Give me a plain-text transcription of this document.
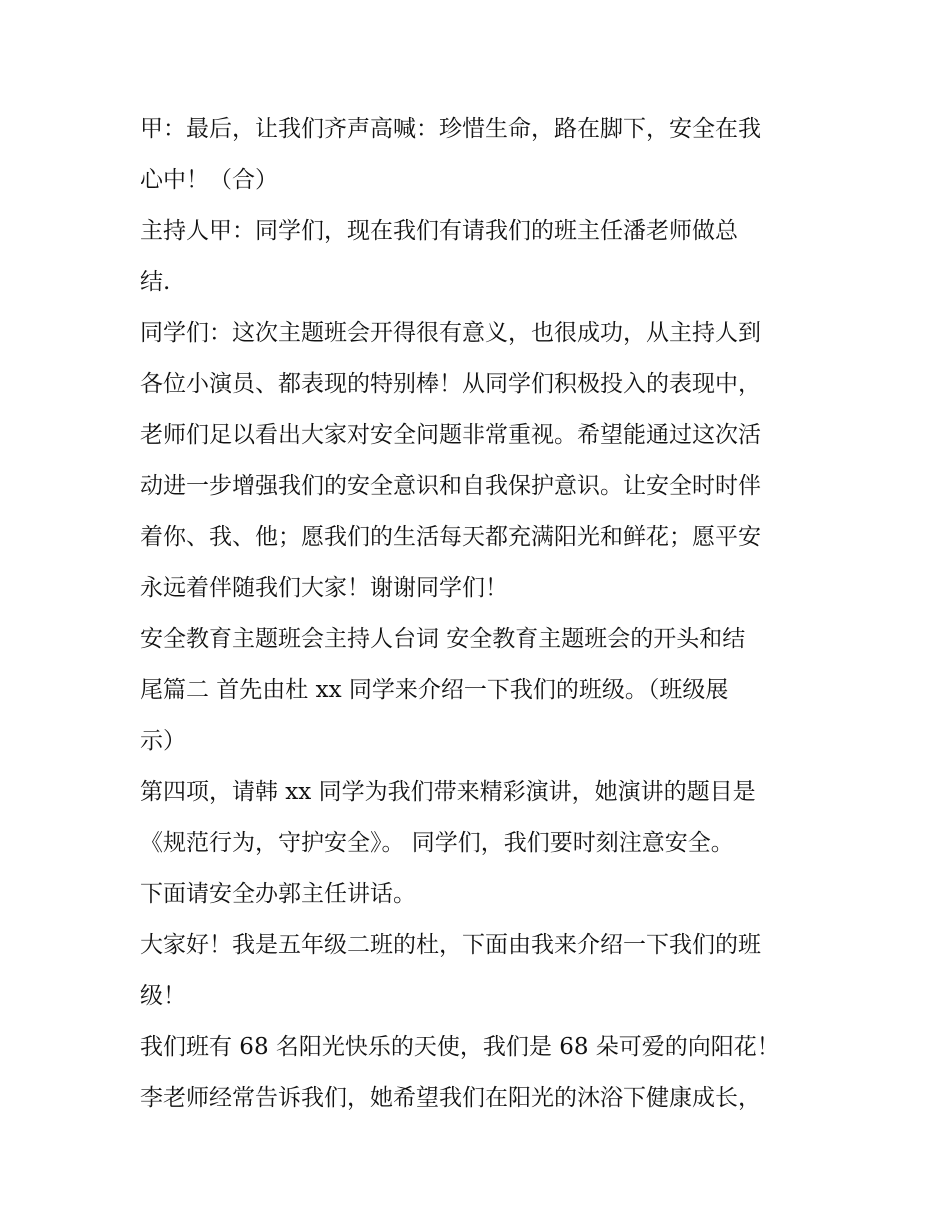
甲：最后，让我们齐声高喊：珍惜生命，路在脚下，安全在我
心中！（合）
主持人甲：同学们，现在我们有请我们的班主任潘老师做总
结.
同学们：这次主题班会开得很有意义，也很成功，从主持人到
各位小演员、都表现的特别棒！从同学们积极投入的表现中，
老师们足以看出大家对安全问题非常重视。希望能通过这次活
动进一步增强我们的安全意识和自我保护意识。让安全时时伴
着你、我、他；愿我们的生活每天都充满阳光和鲜花；愿平安
永远着伴随我们大家！谢谢同学们！
安全教育主题班会主持人台词 安全教育主题班会的开头和结
尾篇二 首先由杜 xx 同学来介绍一下我们的班级。（班级展
示）
第四项，请韩 xx 同学为我们带来精彩演讲，她演讲的题目是
《规范行为，守护安全》。 同学们，我们要时刻注意安全。
下面请安全办郭主任讲话。
大家好！我是五年级二班的杜，下面由我来介绍一下我们的班
级！
我们班有 68 名阳光快乐的天使，我们是 68 朵可爱的向阳花！
李老师经常告诉我们，她希望我们在阳光的沐浴下健康成长，
